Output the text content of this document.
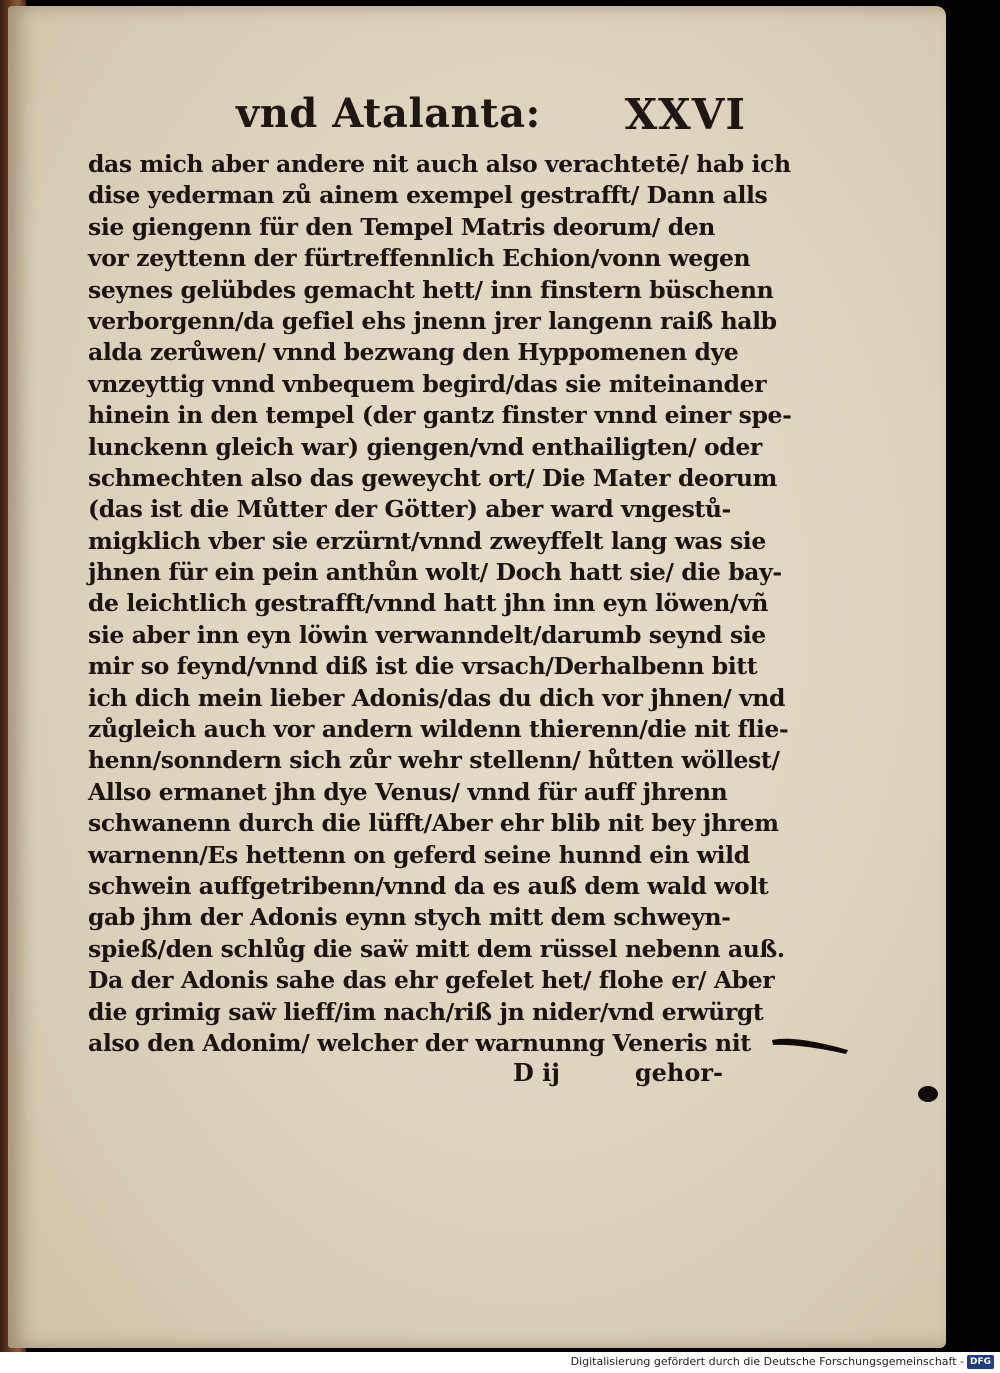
vnd Atalanta: XXVI
das mich aber andere nit auch also verachtetē/ hab ich
dise yederman zů ainem exempel gestrafft/ Dann alls
sie giengenn für den Tempel Matris deorum/ den
vor zeyttenn der fürtreffennlich Echion/vonn wegen
seynes gelübdes gemacht hett/ inn finstern büschenn
verborgenn/da gefiel ehs jnenn jrer langenn raiß halb
alda zerůwen/ vnnd bezwang den Hyppomenen dye
vnzeyttig vnnd vnbequem begird/das sie miteinander
hinein in den tempel (der gantz finster vnnd einer spe-
lunckenn gleich war) giengen/vnd enthailigten/ oder
schmechten also das geweycht ort/ Die Mater deorum
(das ist die Můtter der Götter) aber ward vngestů-
migklich vber sie erzürnt/vnnd zweyffelt lang was sie
jhnen für ein pein anthůn wolt/ Doch hatt sie/ die bay-
de leichtlich gestrafft/vnnd hatt jhn inn eyn löwen/vñ
sie aber inn eyn löwin verwanndelt/darumb seynd sie
mir so feynd/vnnd diß ist die vrsach/Derhalbenn bitt
ich dich mein lieber Adonis/das du dich vor jhnen/ vnd
zůgleich auch vor andern wildenn thierenn/die nit flie-
henn/sonndern sich zůr wehr stellenn/ hůtten wöllest/
Allso ermanet jhn dye Venus/ vnnd für auff jhrenn
schwanenn durch die lüfft/Aber ehr blib nit bey jhrem
warnenn/Es hettenn on geferd seine hunnd ein wild
schwein auffgetribenn/vnnd da es auß dem wald wolt
gab jhm der Adonis eynn stych mitt dem schweyn-
spieß/den schlůg die saẅ mitt dem rüssel nebenn auß.
Da der Adonis sahe das ehr gefelet het/ flohe er/ Aber
die grimig saẅ lieff/im nach/riß jn nider/vnd erwürgt
also den Adonim/ welcher der warnunng Veneris nit
D ij	gehor-
Digitalisierung gefördert durch die Deutsche Forschungsgemeinschaft - DFG
